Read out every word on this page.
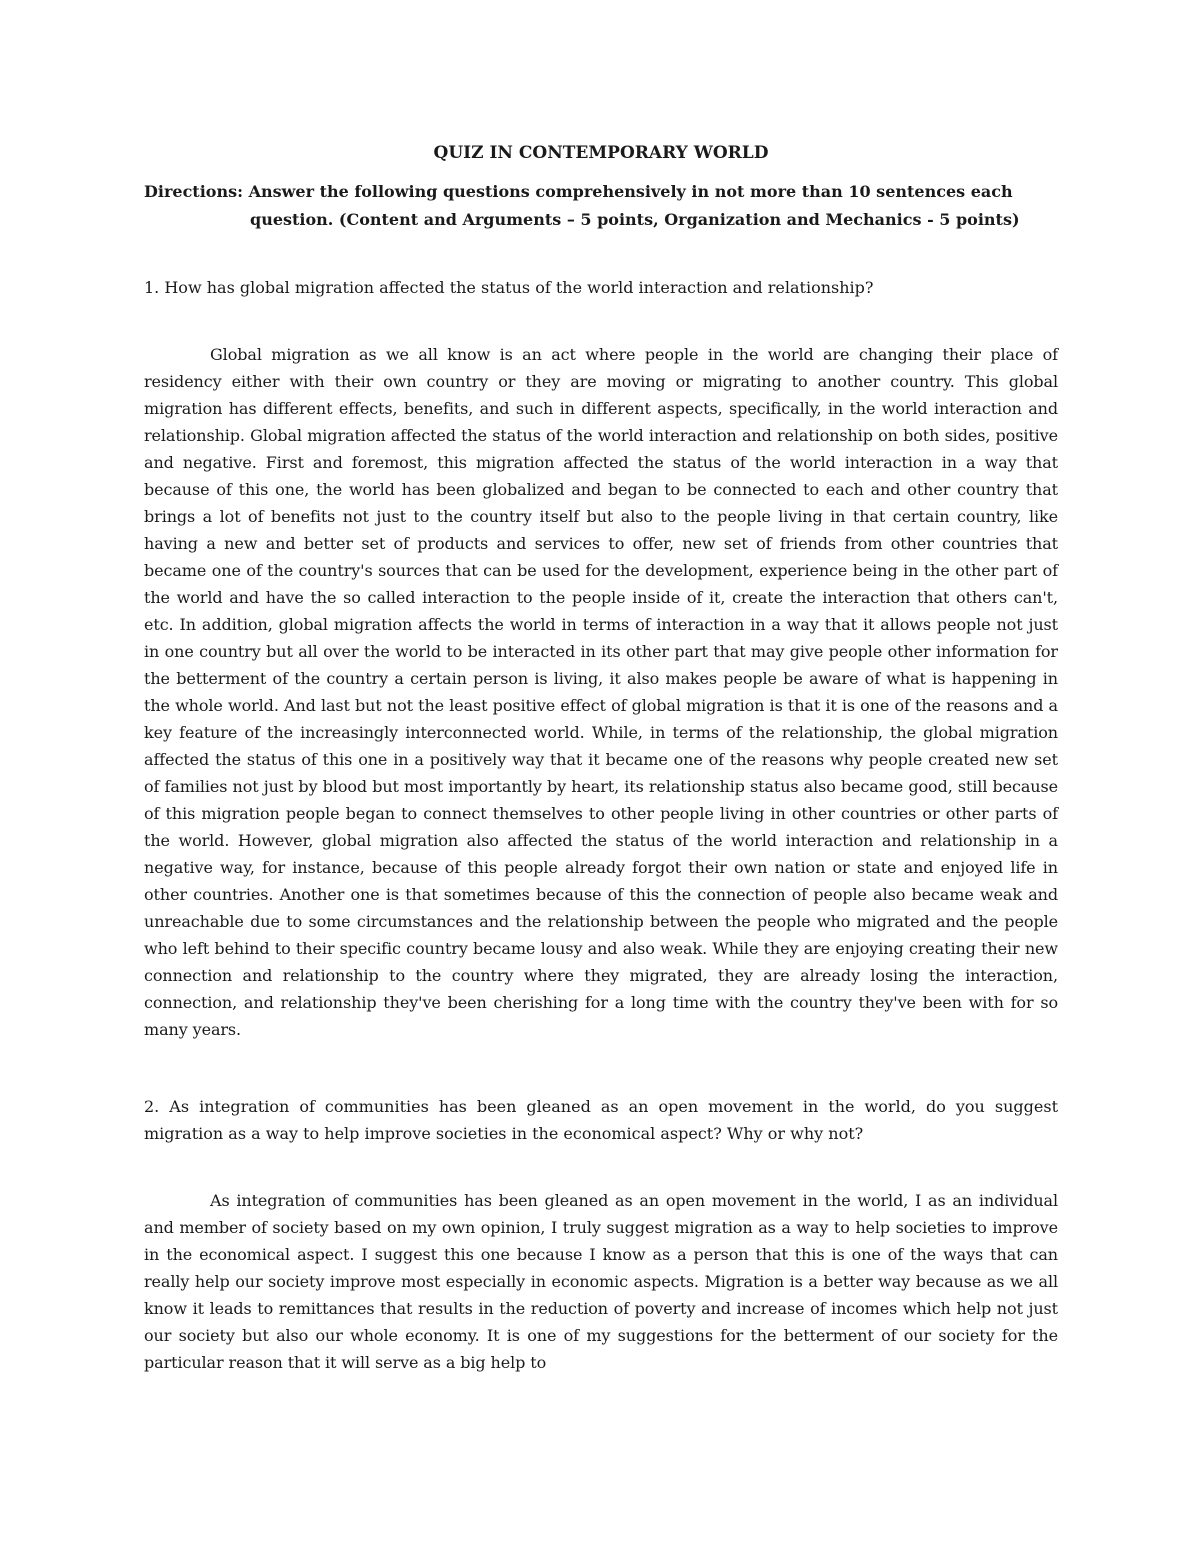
QUIZ IN CONTEMPORARY WORLD

Directions: Answer the following questions comprehensively in not more than 10 sentences each question. (Content and Arguments – 5 points, Organization and Mechanics - 5 points)

1. How has global migration affected the status of the world interaction and relationship?

Global migration as we all know is an act where people in the world are changing their place of residency either with their own country or they are moving or migrating to another country. This global migration has different effects, benefits, and such in different aspects, specifically, in the world interaction and relationship. Global migration affected the status of the world interaction and relationship on both sides, positive and negative. First and foremost, this migration affected the status of the world interaction in a way that because of this one, the world has been globalized and began to be connected to each and other country that brings a lot of benefits not just to the country itself but also to the people living in that certain country, like having a new and better set of products and services to offer, new set of friends from other countries that became one of the country's sources that can be used for the development, experience being in the other part of the world and have the so called interaction to the people inside of it, create the interaction that others can't, etc. In addition, global migration affects the world in terms of interaction in a way that it allows people not just in one country but all over the world to be interacted in its other part that may give people other information for the betterment of the country a certain person is living, it also makes people be aware of what is happening in the whole world. And last but not the least positive effect of global migration is that it is one of the reasons and a key feature of the increasingly interconnected world. While, in terms of the relationship, the global migration affected the status of this one in a positively way that it became one of the reasons why people created new set of families not just by blood but most importantly by heart, its relationship status also became good, still because of this migration people began to connect themselves to other people living in other countries or other parts of the world. However, global migration also affected the status of the world interaction and relationship in a negative way, for instance, because of this people already forgot their own nation or state and enjoyed life in other countries. Another one is that sometimes because of this the connection of people also became weak and unreachable due to some circumstances and the relationship between the people who migrated and the people who left behind to their specific country became lousy and also weak. While they are enjoying creating their new connection and relationship to the country where they migrated, they are already losing the interaction, connection, and relationship they've been cherishing for a long time with the country they've been with for so many years.

2. As integration of communities has been gleaned as an open movement in the world, do you suggest migration as a way to help improve societies in the economical aspect? Why or why not?

As integration of communities has been gleaned as an open movement in the world, I as an individual and member of society based on my own opinion, I truly suggest migration as a way to help societies to improve in the economical aspect. I suggest this one because I know as a person that this is one of the ways that can really help our society improve most especially in economic aspects. Migration is a better way because as we all know it leads to remittances that results in the reduction of poverty and increase of incomes which help not just our society but also our whole economy. It is one of my suggestions for the betterment of our society for the particular reason that it will serve as a big help to
